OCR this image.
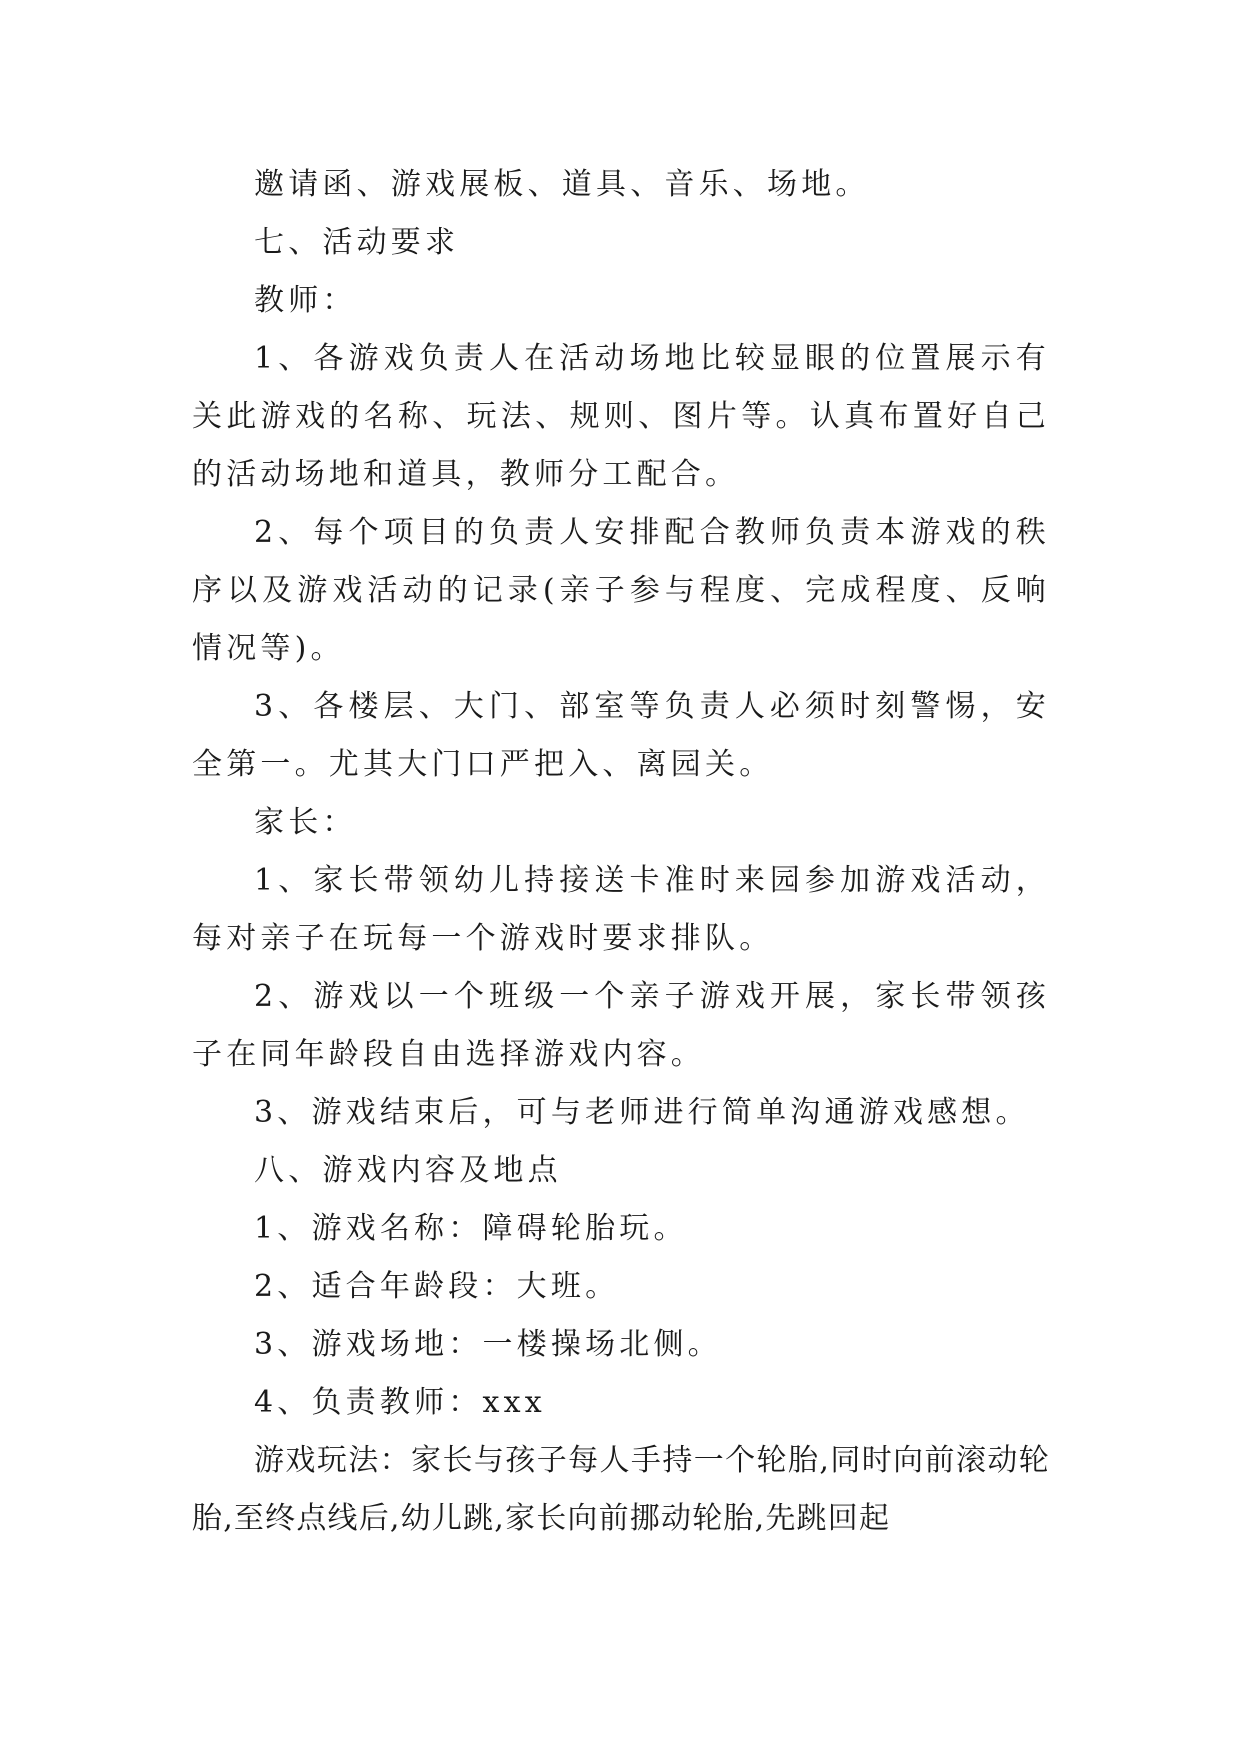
邀请函、游戏展板、道具、音乐、场地。

七、活动要求

教师：

1、各游戏负责人在活动场地比较显眼的位置展示有关此游戏的名称、玩法、规则、图片等。认真布置好自己的活动场地和道具，教师分工配合。

2、每个项目的负责人安排配合教师负责本游戏的秩序以及游戏活动的记录(亲子参与程度、完成程度、反响情况等)。

3、各楼层、大门、部室等负责人必须时刻警惕，安全第一。尤其大门口严把入、离园关。

家长：

1、家长带领幼儿持接送卡准时来园参加游戏活动，每对亲子在玩每一个游戏时要求排队。

2、游戏以一个班级一个亲子游戏开展，家长带领孩子在同年龄段自由选择游戏内容。

3、游戏结束后，可与老师进行简单沟通游戏感想。

八、游戏内容及地点

1、游戏名称：障碍轮胎玩。

2、适合年龄段：大班。

3、游戏场地：一楼操场北侧。

4、负责教师：xxx

游戏玩法：家长与孩子每人手持一个轮胎,同时向前滚动轮胎,至终点线后,幼儿跳,家长向前挪动轮胎,先跳回起
